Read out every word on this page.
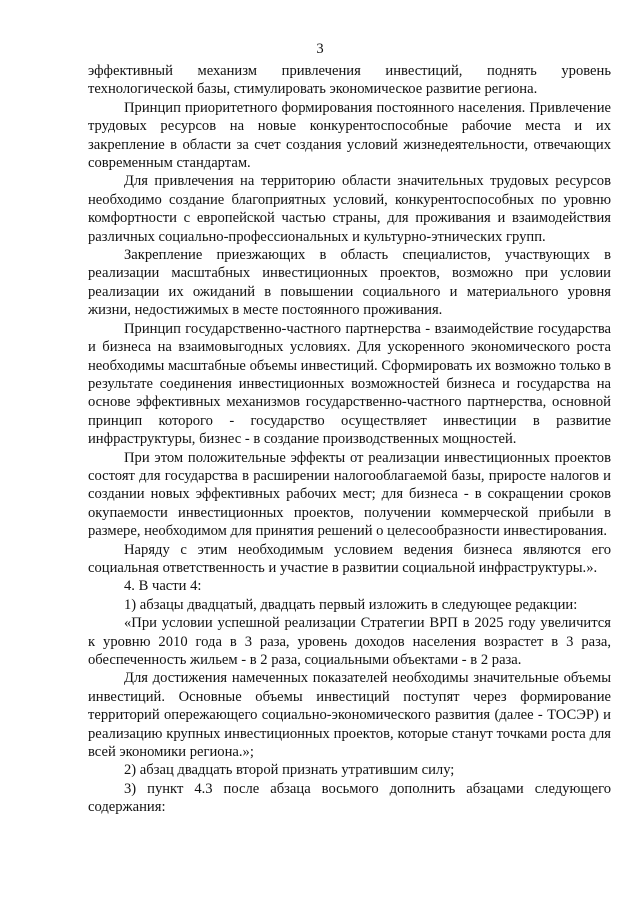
3

эффективный механизм привлечения инвестиций, поднять уровень технологической базы, стимулировать экономическое развитие региона.

Принцип приоритетного формирования постоянного населения. Привлечение трудовых ресурсов на новые конкурентоспособные рабочие места и их закрепление в области за счет создания условий жизнедеятельности, отвечающих современным стандартам.

Для привлечения на территорию области значительных трудовых ресурсов необходимо создание благоприятных условий, конкурентоспособных по уровню комфортности с европейской частью страны, для проживания и взаимодействия различных социально-профессиональных и культурно-этнических групп.

Закрепление приезжающих в область специалистов, участвующих в реализации масштабных инвестиционных проектов, возможно при условии реализации их ожиданий в повышении социального и материального уровня жизни, недостижимых в месте постоянного проживания.

Принцип государственно-частного партнерства - взаимодействие государства и бизнеса на взаимовыгодных условиях. Для ускоренного экономического роста необходимы масштабные объемы инвестиций. Сформировать их возможно только в результате соединения инвестиционных возможностей бизнеса и государства на основе эффективных механизмов государственно-частного партнерства, основной принцип которого - государство осуществляет инвестиции в развитие инфраструктуры, бизнес - в создание производственных мощностей.

При этом положительные эффекты от реализации инвестиционных проектов состоят для государства в расширении налогооблагаемой базы, приросте налогов и создании новых эффективных рабочих мест; для бизнеса - в сокращении сроков окупаемости инвестиционных проектов, получении коммерческой прибыли в размере, необходимом для принятия решений о целесообразности инвестирования.

Наряду с этим необходимым условием ведения бизнеса являются его социальная ответственность и участие в развитии социальной инфраструктуры.».

4. В части 4:

1) абзацы двадцатый, двадцать первый изложить в следующее редакции:

«При условии успешной реализации Стратегии ВРП в 2025 году увеличится к уровню 2010 года в 3 раза, уровень доходов населения возрастет в 3 раза, обеспеченность жильем - в 2 раза, социальными объектами - в 2 раза.

Для достижения намеченных показателей необходимы значительные объемы инвестиций. Основные объемы инвестиций поступят через формирование территорий опережающего социально-экономического развития (далее - ТОСЭР) и реализацию крупных инвестиционных проектов, которые станут точками роста для всей экономики региона.»;

2) абзац двадцать второй признать утратившим силу;

3) пункт 4.3 после абзаца восьмого дополнить абзацами следующего содержания:
